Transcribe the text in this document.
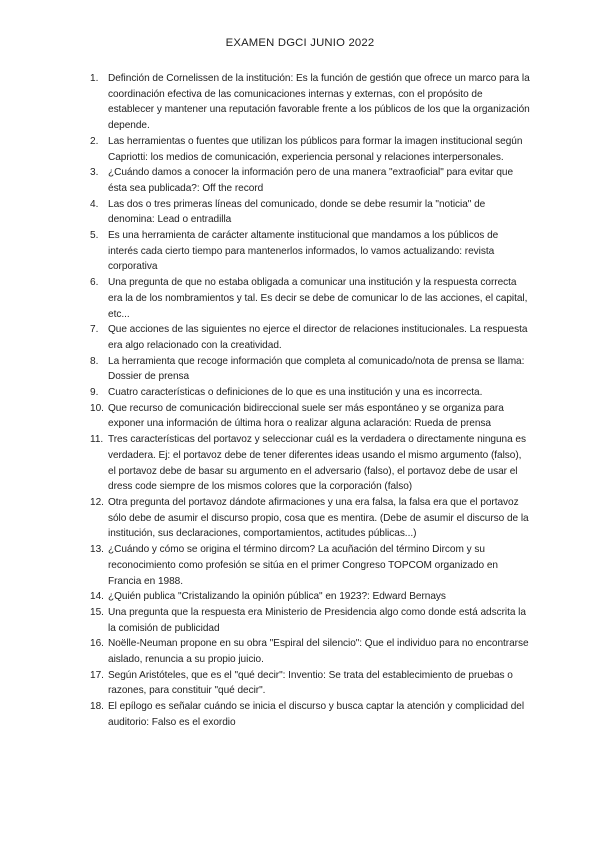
EXAMEN DGCI JUNIO 2022
1. Definción de Cornelissen de la institución: Es la función de gestión que ofrece un marco para la coordinación efectiva de las comunicaciones internas y externas, con el propósito de establecer y mantener una reputación favorable frente a los públicos de los que la organización depende.
2. Las herramientas o fuentes que utilizan los públicos para formar la imagen institucional según Capriotti: los medios de comunicación, experiencia personal y relaciones interpersonales.
3. ¿Cuándo damos a conocer la información pero de una manera "extraoficial" para evitar que ésta sea publicada?: Off the record
4. Las dos o tres primeras líneas del comunicado, donde se debe resumir la "noticia" de denomina: Lead o entradilla
5. Es una herramienta de carácter altamente institucional que mandamos a los públicos de interés cada cierto tiempo para mantenerlos informados, lo vamos actualizando: revista corporativa
6. Una pregunta de que no estaba obligada a comunicar una institución y la respuesta correcta era la de los nombramientos y tal. Es decir se debe de comunicar lo de las acciones, el capital, etc...
7. Que acciones de las siguientes no ejerce el director de relaciones institucionales. La respuesta era algo relacionado con la creatividad.
8. La herramienta que recoge información que completa al comunicado/nota de prensa se llama: Dossier de prensa
9. Cuatro características o definiciones de lo que es una institución y una es incorrecta.
10. Que recurso de comunicación bidireccional suele ser más espontáneo y se organiza para exponer una información de última hora o realizar alguna aclaración: Rueda de prensa
11. Tres características del portavoz y seleccionar cuál es la verdadera o directamente ninguna es verdadera. Ej: el portavoz debe de tener diferentes ideas usando el mismo argumento (falso), el portavoz debe de basar su argumento en el adversario (falso), el portavoz debe de usar el dress code siempre de los mismos colores que la corporación (falso)
12. Otra pregunta del portavoz dándote afirmaciones y una era falsa, la falsa era que el portavoz sólo debe de asumir el discurso propio, cosa que es mentira. (Debe de asumir el discurso de la institución, sus declaraciones, comportamientos, actitudes públicas...)
13. ¿Cuándo y cómo se origina el término dircom? La acuñación del término Dircom y su reconocimiento como profesión se sitúa en el primer Congreso TOPCOM organizado en Francia en 1988.
14. ¿Quién publica "Cristalizando la opinión pública" en 1923?: Edward Bernays
15. Una pregunta que la respuesta era Ministerio de Presidencia algo como donde está adscrita la la comisión de publicidad
16. Noëlle-Neuman propone en su obra "Espiral del silencio": Que el individuo para no encontrarse aislado, renuncia a su propio juicio.
17. Según Aristóteles, que es el "qué decir": Inventio: Se trata del establecimiento de pruebas o razones, para constituir "qué decir".
18. El epílogo es señalar cuándo se inicia el discurso y busca captar la atención y complicidad del auditorio: Falso es el exordio
